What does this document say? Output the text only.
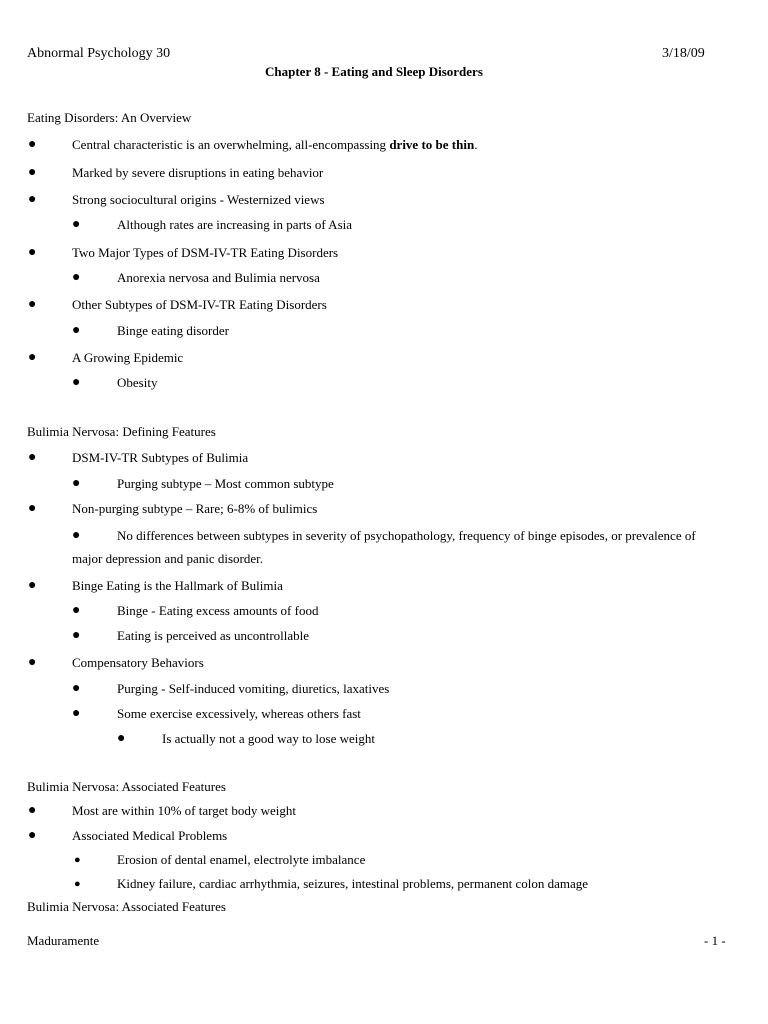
Abnormal Psychology 30	3/18/09
Chapter 8 - Eating and Sleep Disorders
Eating Disorders: An Overview
●	Central characteristic is an overwhelming, all-encompassing drive to be thin.
●	Marked by severe disruptions in eating behavior
●	Strong sociocultural origins - Westernized views
●	Although rates are increasing in parts of Asia
●	Two Major Types of DSM-IV-TR Eating Disorders
●	Anorexia nervosa and Bulimia nervosa
●	Other Subtypes of DSM-IV-TR Eating Disorders
●	Binge eating disorder
●	A Growing Epidemic
●	Obesity
Bulimia Nervosa: Defining Features
●	DSM-IV-TR Subtypes of Bulimia
●	Purging subtype – Most common subtype
●	Non-purging subtype – Rare; 6-8% of bulimics
●	No differences between subtypes in severity of psychopathology, frequency of binge episodes, or prevalence of
major depression and panic disorder.
●	Binge Eating is the Hallmark of Bulimia
●	Binge - Eating excess amounts of food
●	Eating is perceived as uncontrollable
●	Compensatory Behaviors
●	Purging - Self-induced vomiting, diuretics, laxatives
●	Some exercise excessively, whereas others fast
●	Is actually not a good way to lose weight
Bulimia Nervosa: Associated Features
●	Most are within 10% of target body weight
●	Associated Medical Problems
●	Erosion of dental enamel, electrolyte imbalance
●	Kidney failure, cardiac arrhythmia, seizures, intestinal problems, permanent colon damage
Bulimia Nervosa: Associated Features
Maduramente	- 1 -
